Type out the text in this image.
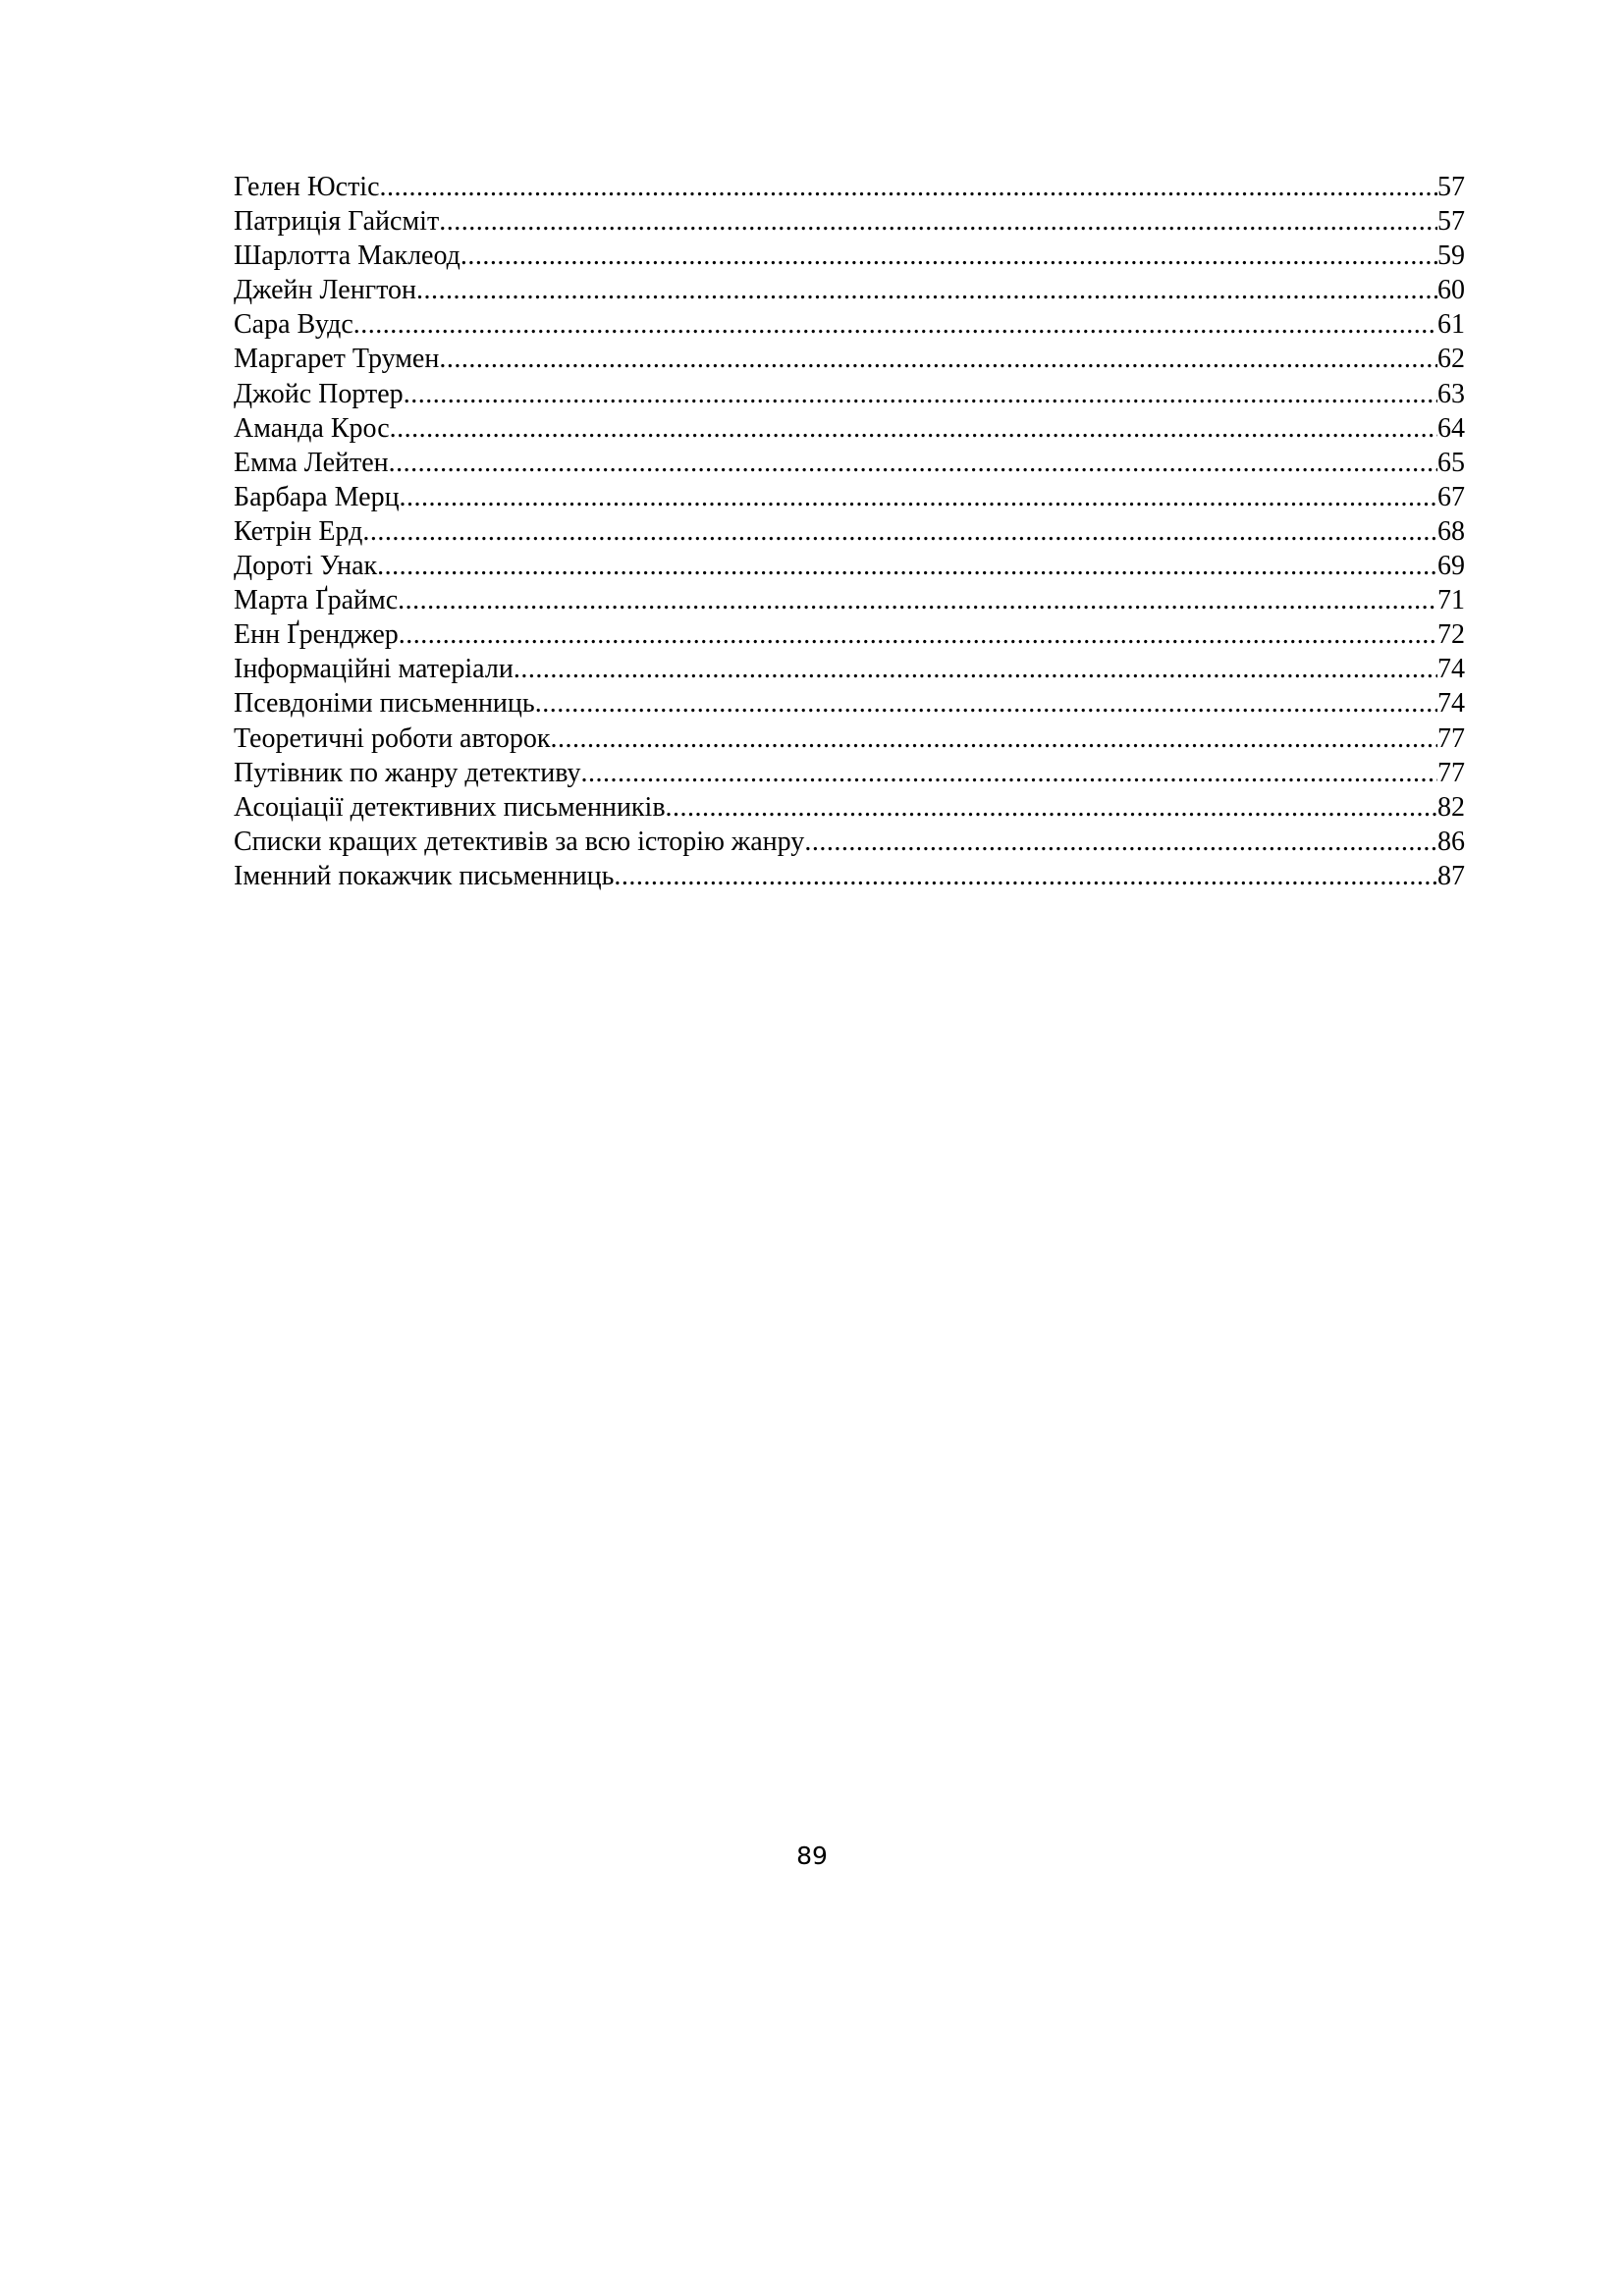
Гелен Юстіс .....	57
Патриція Гайсміт .....	57
Шарлотта Маклеод .....	59
Джейн Ленгтон .....	60
Сара Вудс .....	61
Маргарет Трумен .....	62
Джойс Портер .....	63
Аманда Крос .....	64
Емма Лейтен .....	65
Барбара Мерц .....	67
Кетрін Ерд .....	68
Дороті Унак .....	69
Марта Ґраймс .....	71
Енн Ґренджер .....	72
Інформаційні матеріали .....	74
Псевдоніми письменниць .....	74
Теоретичні роботи авторок .....	77
Путівник по жанру детективу .....	77
Асоціації детективних письменників .....	82
Списки кращих детективів за всю історію жанру .....	86
Іменний покажчик письменниць .....	87
89
